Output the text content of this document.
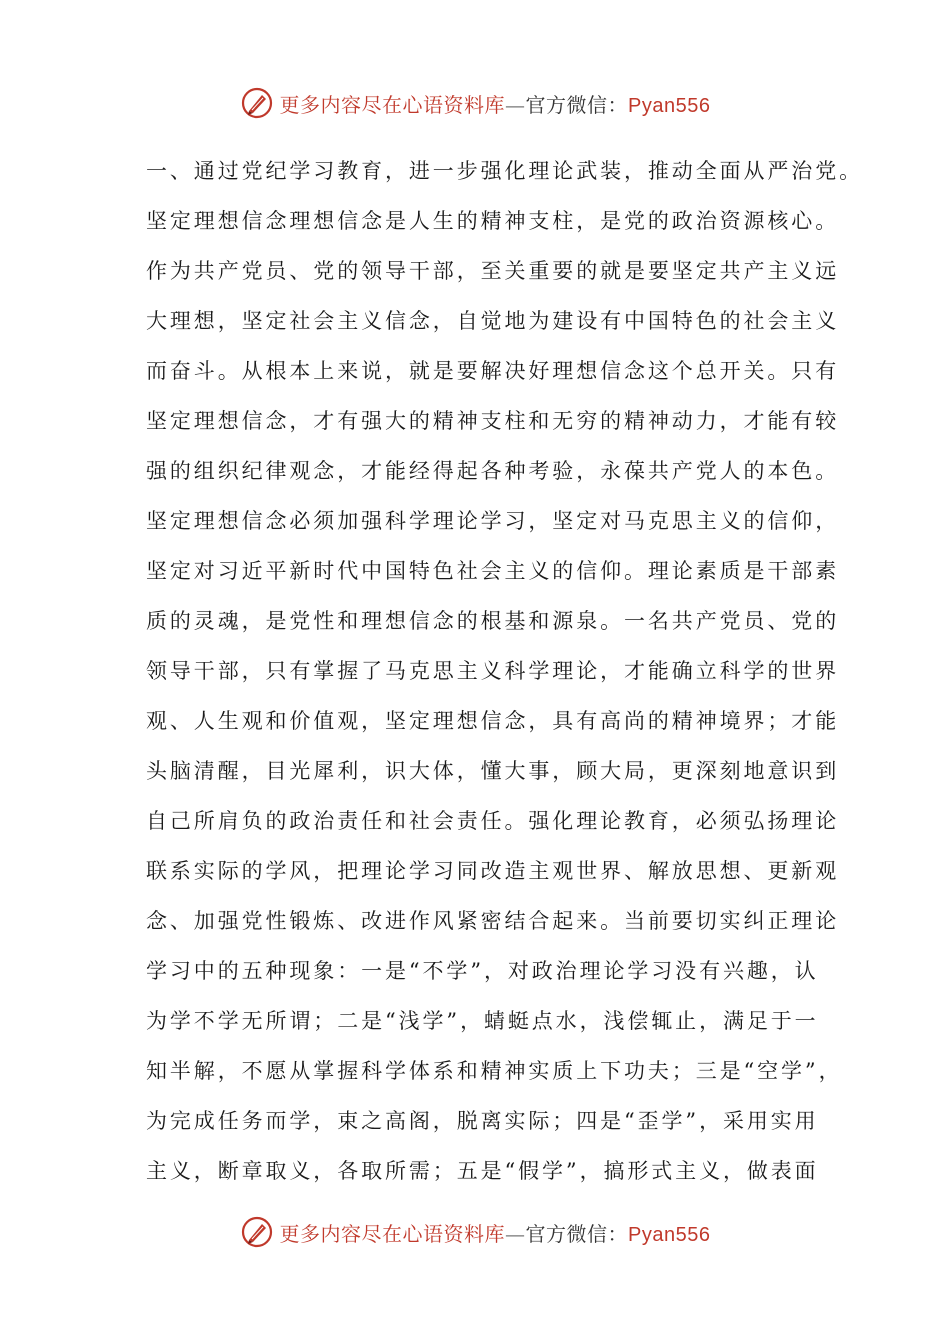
更多内容尽在心语资料库—官方微信：Pyan556
一、通过党纪学习教育，进一步强化理论武装，推动全面从严治党。
坚定理想信念理想信念是人生的精神支柱，是党的政治资源核心。
作为共产党员、党的领导干部，至关重要的就是要坚定共产主义远
大理想，坚定社会主义信念，自觉地为建设有中国特色的社会主义
而奋斗。从根本上来说，就是要解决好理想信念这个总开关。只有
坚定理想信念，才有强大的精神支柱和无穷的精神动力，才能有较
强的组织纪律观念，才能经得起各种考验，永葆共产党人的本色。
坚定理想信念必须加强科学理论学习，坚定对马克思主义的信仰，
坚定对习近平新时代中国特色社会主义的信仰。理论素质是干部素
质的灵魂，是党性和理想信念的根基和源泉。一名共产党员、党的
领导干部，只有掌握了马克思主义科学理论，才能确立科学的世界
观、人生观和价值观，坚定理想信念，具有高尚的精神境界；才能
头脑清醒，目光犀利，识大体，懂大事，顾大局，更深刻地意识到
自己所肩负的政治责任和社会责任。强化理论教育，必须弘扬理论
联系实际的学风，把理论学习同改造主观世界、解放思想、更新观
念、加强党性锻炼、改进作风紧密结合起来。当前要切实纠正理论
学习中的五种现象：一是“不学”，对政治理论学习没有兴趣，认
为学不学无所谓；二是“浅学”，蜻蜓点水，浅偿辄止，满足于一
知半解，不愿从掌握科学体系和精神实质上下功夫；三是“空学”，
为完成任务而学，束之高阁，脱离实际；四是“歪学”，采用实用
主义，断章取义，各取所需；五是“假学”，搞形式主义，做表面
更多内容尽在心语资料库—官方微信：Pyan556
